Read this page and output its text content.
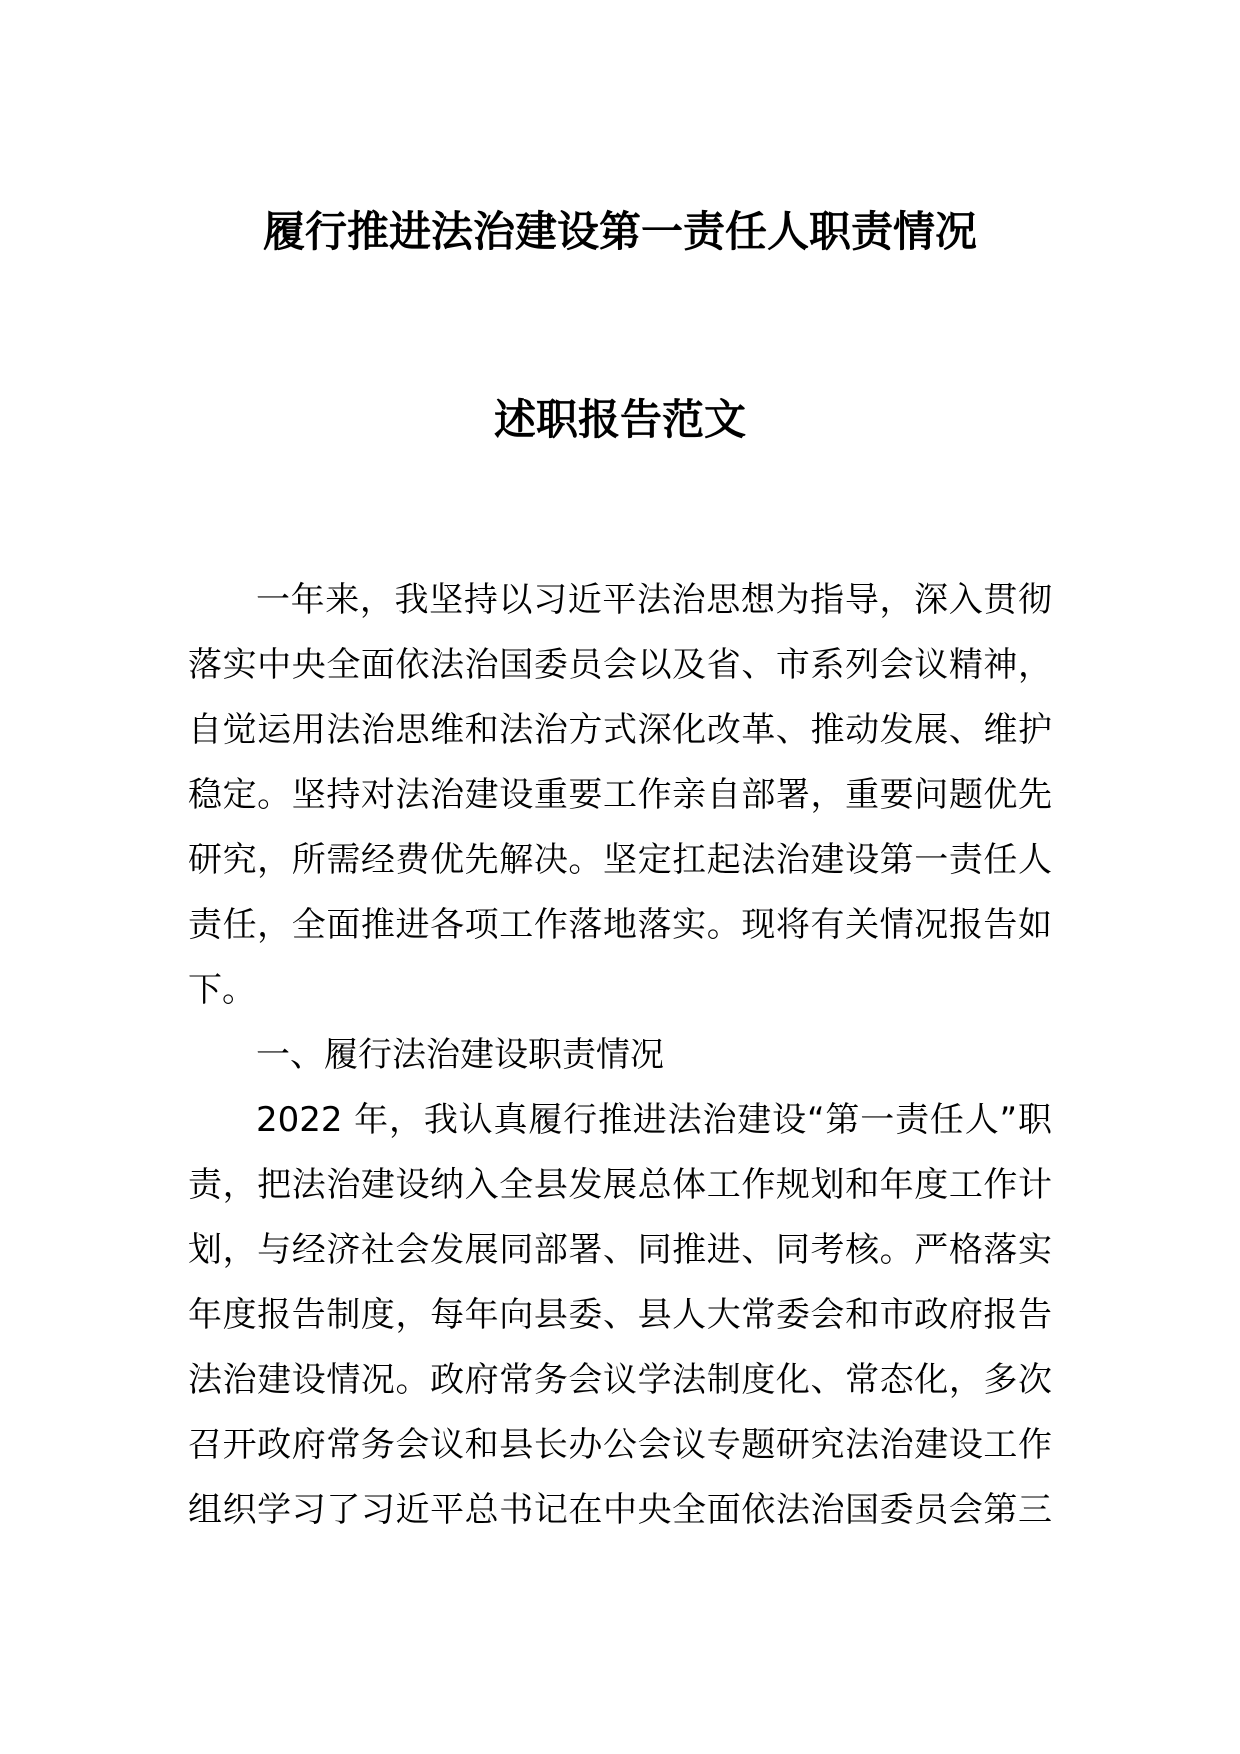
履行推进法治建设第一责任人职责情况
述职报告范文
一年来，我坚持以习近平法治思想为指导，深入贯彻
落实中央全面依法治国委员会以及省、市系列会议精神，
自觉运用法治思维和法治方式深化改革、推动发展、维护
稳定。坚持对法治建设重要工作亲自部署，重要问题优先
研究，所需经费优先解决。坚定扛起法治建设第一责任人
责任，全面推进各项工作落地落实。现将有关情况报告如
下。
一、履行法治建设职责情况
2022 年，我认真履行推进法治建设“第一责任人”职
责，把法治建设纳入全县发展总体工作规划和年度工作计
划，与经济社会发展同部署、同推进、同考核。严格落实
年度报告制度，每年向县委、县人大常委会和市政府报告
法治建设情况。政府常务会议学法制度化、常态化，多次
召开政府常务会议和县长办公会议专题研究法治建设工作
组织学习了习近平总书记在中央全面依法治国委员会第三
